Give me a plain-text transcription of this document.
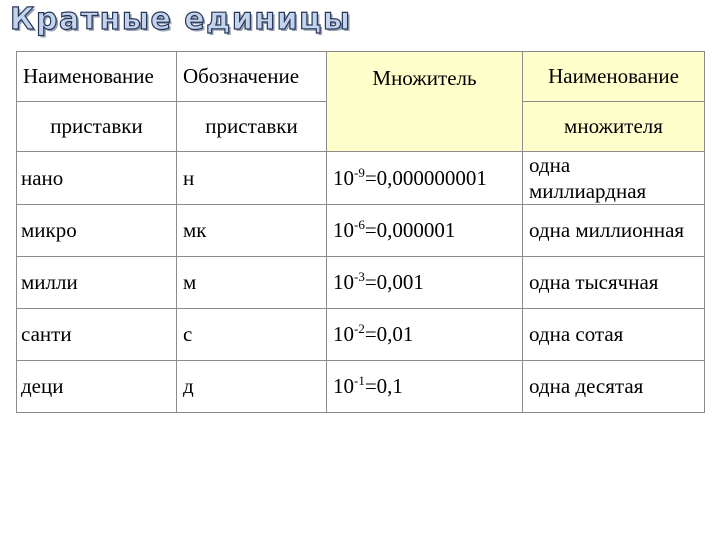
Кратные единицы
Наименование	Обозначение	Множитель	Наименование
приставки	приставки		множителя
нано	н	$10^{-9}=0,000000001$	одна
миллиардная
микро	мк	$10^{-6}=0,000001$	одна миллионная
милли	м	$10^{-3}=0,001$	одна тысячная
санти	с	$10^{-2}=0,01$	одна сотая
деци	д	$10^{-1}=0,1$	одна десятая
